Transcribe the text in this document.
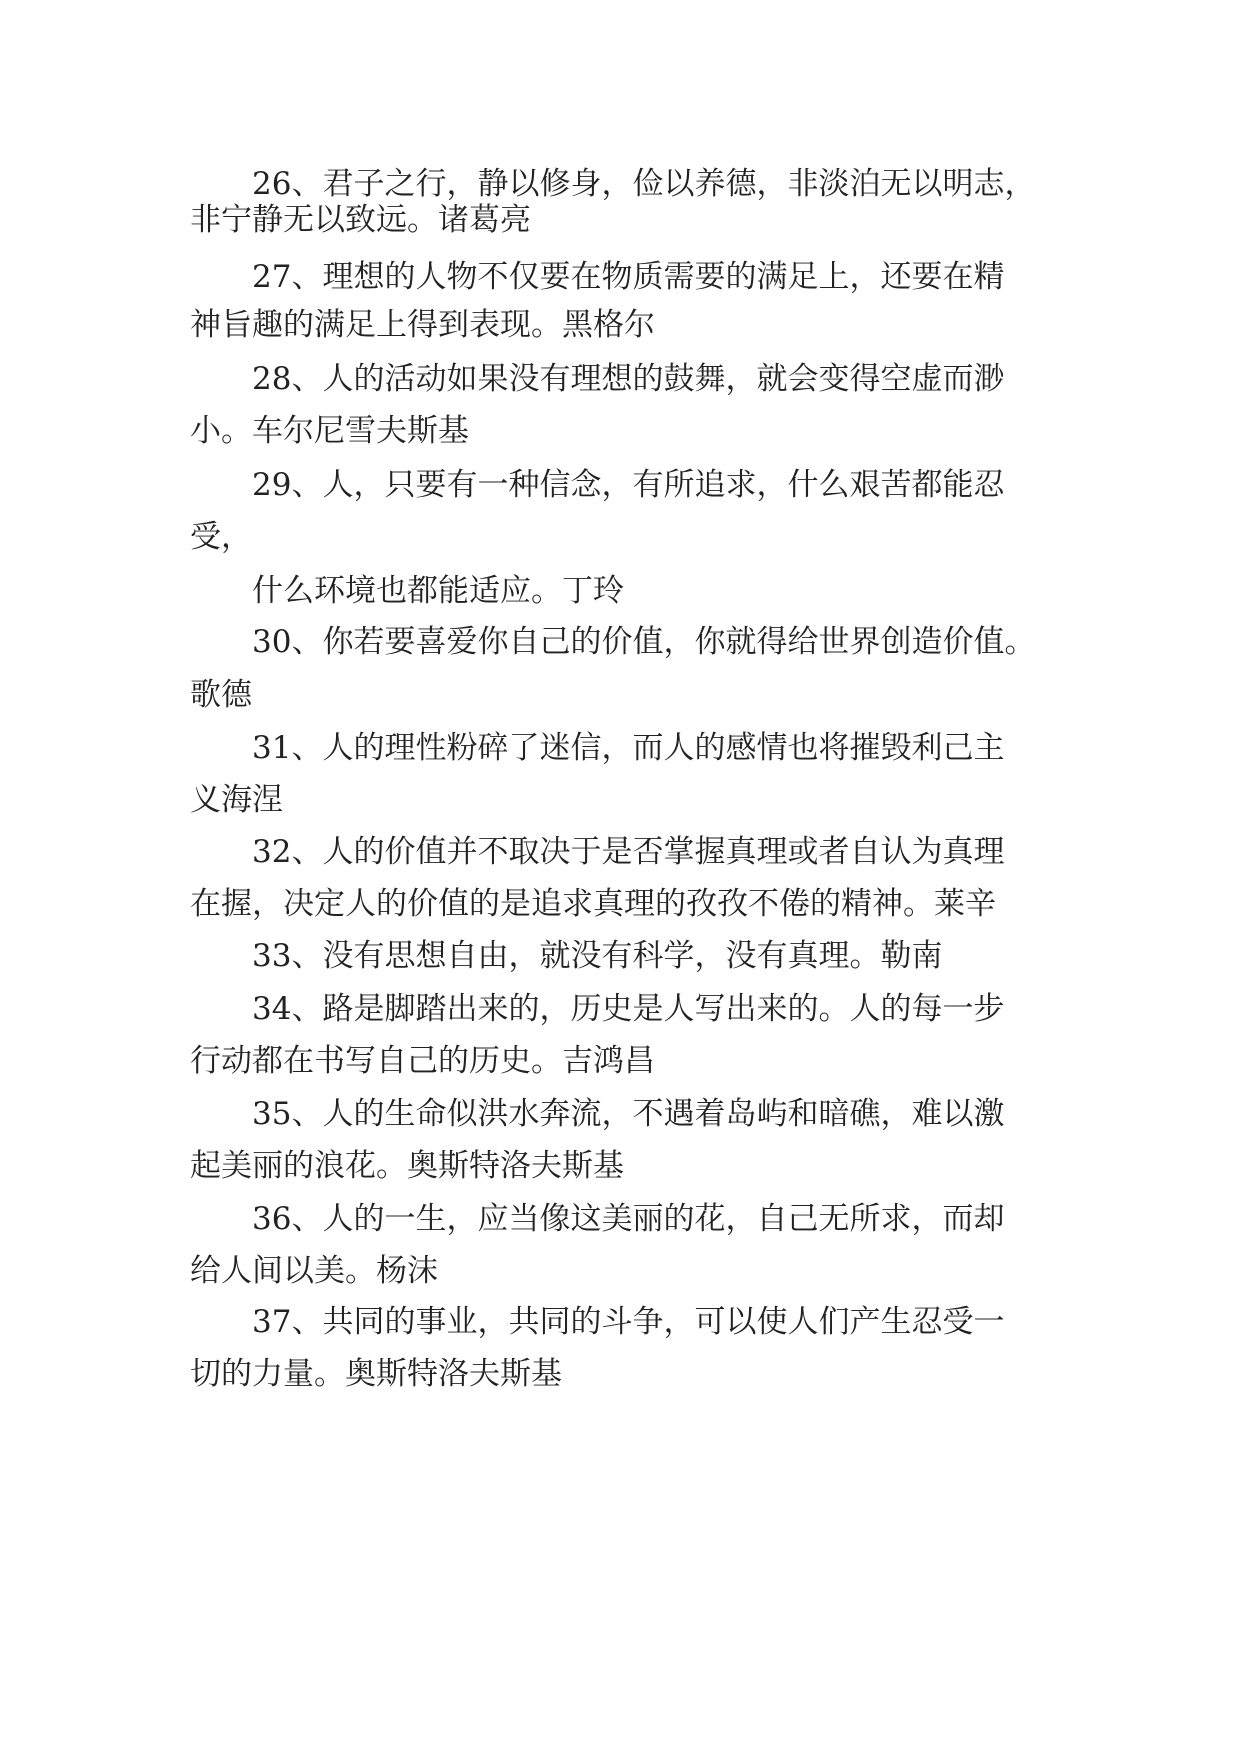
26、君子之行，静以修身，俭以养德，非淡泊无以明志，
非宁静无以致远。诸葛亮
27、理想的人物不仅要在物质需要的满足上，还要在精
神旨趣的满足上得到表现。黑格尔
28、人的活动如果没有理想的鼓舞，就会变得空虚而渺
小。车尔尼雪夫斯基
29、人，只要有一种信念，有所追求，什么艰苦都能忍
受，
什么环境也都能适应。丁玲
30、你若要喜爱你自己的价值，你就得给世界创造价值。
歌德
31、人的理性粉碎了迷信，而人的感情也将摧毁利己主
义海涅
32、人的价值并不取决于是否掌握真理或者自认为真理
在握，决定人的价值的是追求真理的孜孜不倦的精神。莱辛
33、没有思想自由，就没有科学，没有真理。勒南
34、路是脚踏出来的，历史是人写出来的。人的每一步
行动都在书写自己的历史。吉鸿昌
35、人的生命似洪水奔流，不遇着岛屿和暗礁，难以激
起美丽的浪花。奥斯特洛夫斯基
36、人的一生，应当像这美丽的花，自己无所求，而却
给人间以美。杨沫
37、共同的事业，共同的斗争，可以使人们产生忍受一
切的力量。奥斯特洛夫斯基
